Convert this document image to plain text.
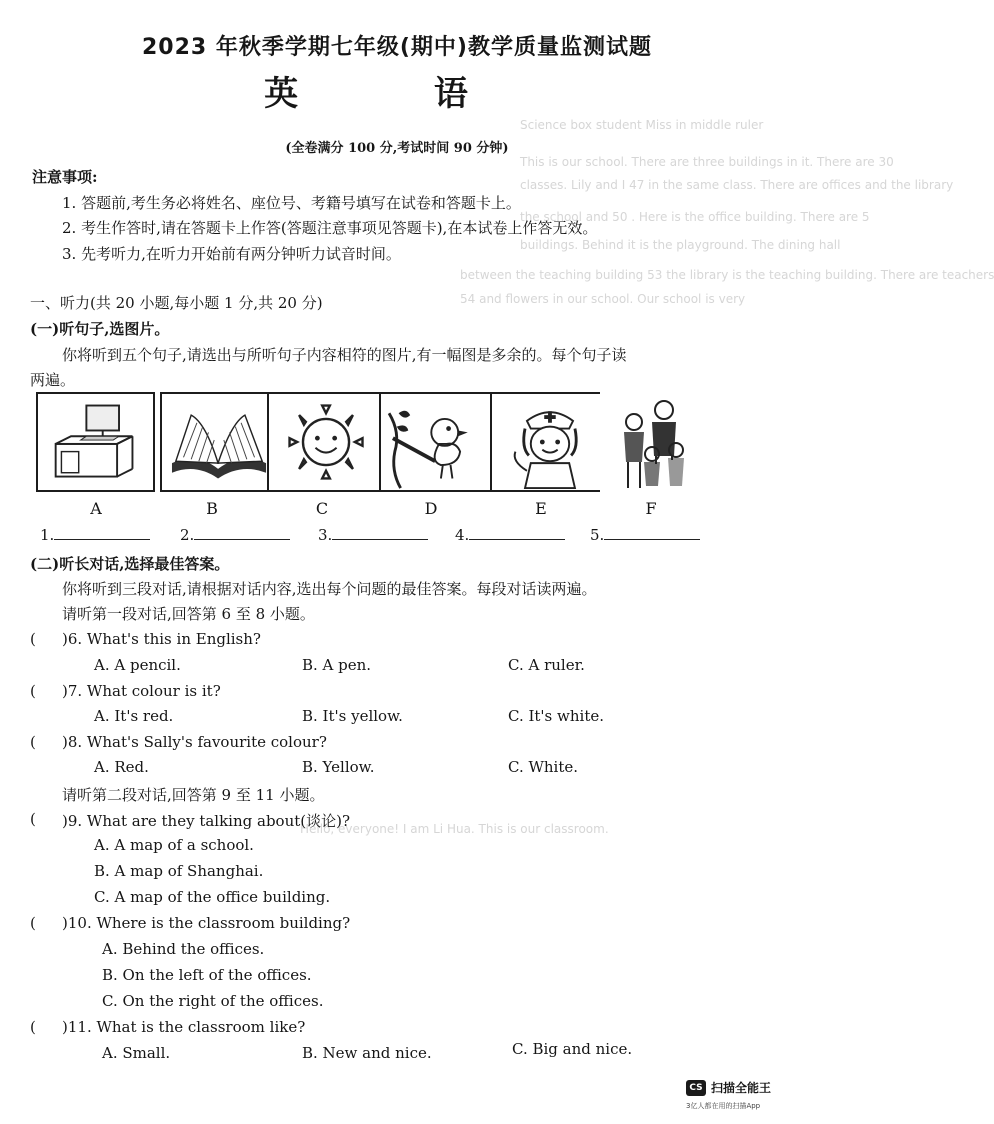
Science box student Miss in middle ruler
This is our school. There are three buildings in it. There are 30
classes. Lily and I 47 in the same class. There are offices and the library
the school and 50 . Here is the office building. There are 5
buildings. Behind it is the playground. The dining hall
between the teaching building 53 the library is the teaching building. There are teachers
54 and flowers in our school. Our school is very
Hello, everyone! I am Li Hua. This is our classroom.
2023 年秋季学期七年级(期中)教学质量监测试题
英 语
(全卷满分 100 分,考试时间 90 分钟)
注意事项:
1. 答题前,考生务必将姓名、座位号、考籍号填写在试卷和答题卡上。
2. 考生作答时,请在答题卡上作答(答题注意事项见答题卡),在本试卷上作答无效。
3. 先考听力,在听力开始前有两分钟听力试音时间。
一、听力(共 20 小题,每小题 1 分,共 20 分)
(一)听句子,选图片。
你将听到五个句子,请选出与所听句子内容相符的图片,有一幅图是多余的。每个句子读
两遍。
A	B	C	D	E	F
1.	2.	3.	4.	5.
(二)听长对话,选择最佳答案。
你将听到三段对话,请根据对话内容,选出每个问题的最佳答案。每段对话读两遍。
请听第一段对话,回答第 6 至 8 小题。
( )6. What's this in English?
A. A pencil.	B. A pen.	C. A ruler.
( )7. What colour is it?
A. It's red.	B. It's yellow.	C. It's white.
( )8. What's Sally's favourite colour?
A. Red.	B. Yellow.	C. White.
请听第二段对话,回答第 9 至 11 小题。
( )9. What are they talking about(谈论)?
A. A map of a school.
B. A map of Shanghai.
C. A map of the office building.
( )10. Where is the classroom building?
A. Behind the offices.
B. On the left of the offices.
C. On the right of the offices.
( )11. What is the classroom like?
A. Small.	B. New and nice.	C. Big and nice.
CS 扫描全能王
3亿人都在用的扫描App
